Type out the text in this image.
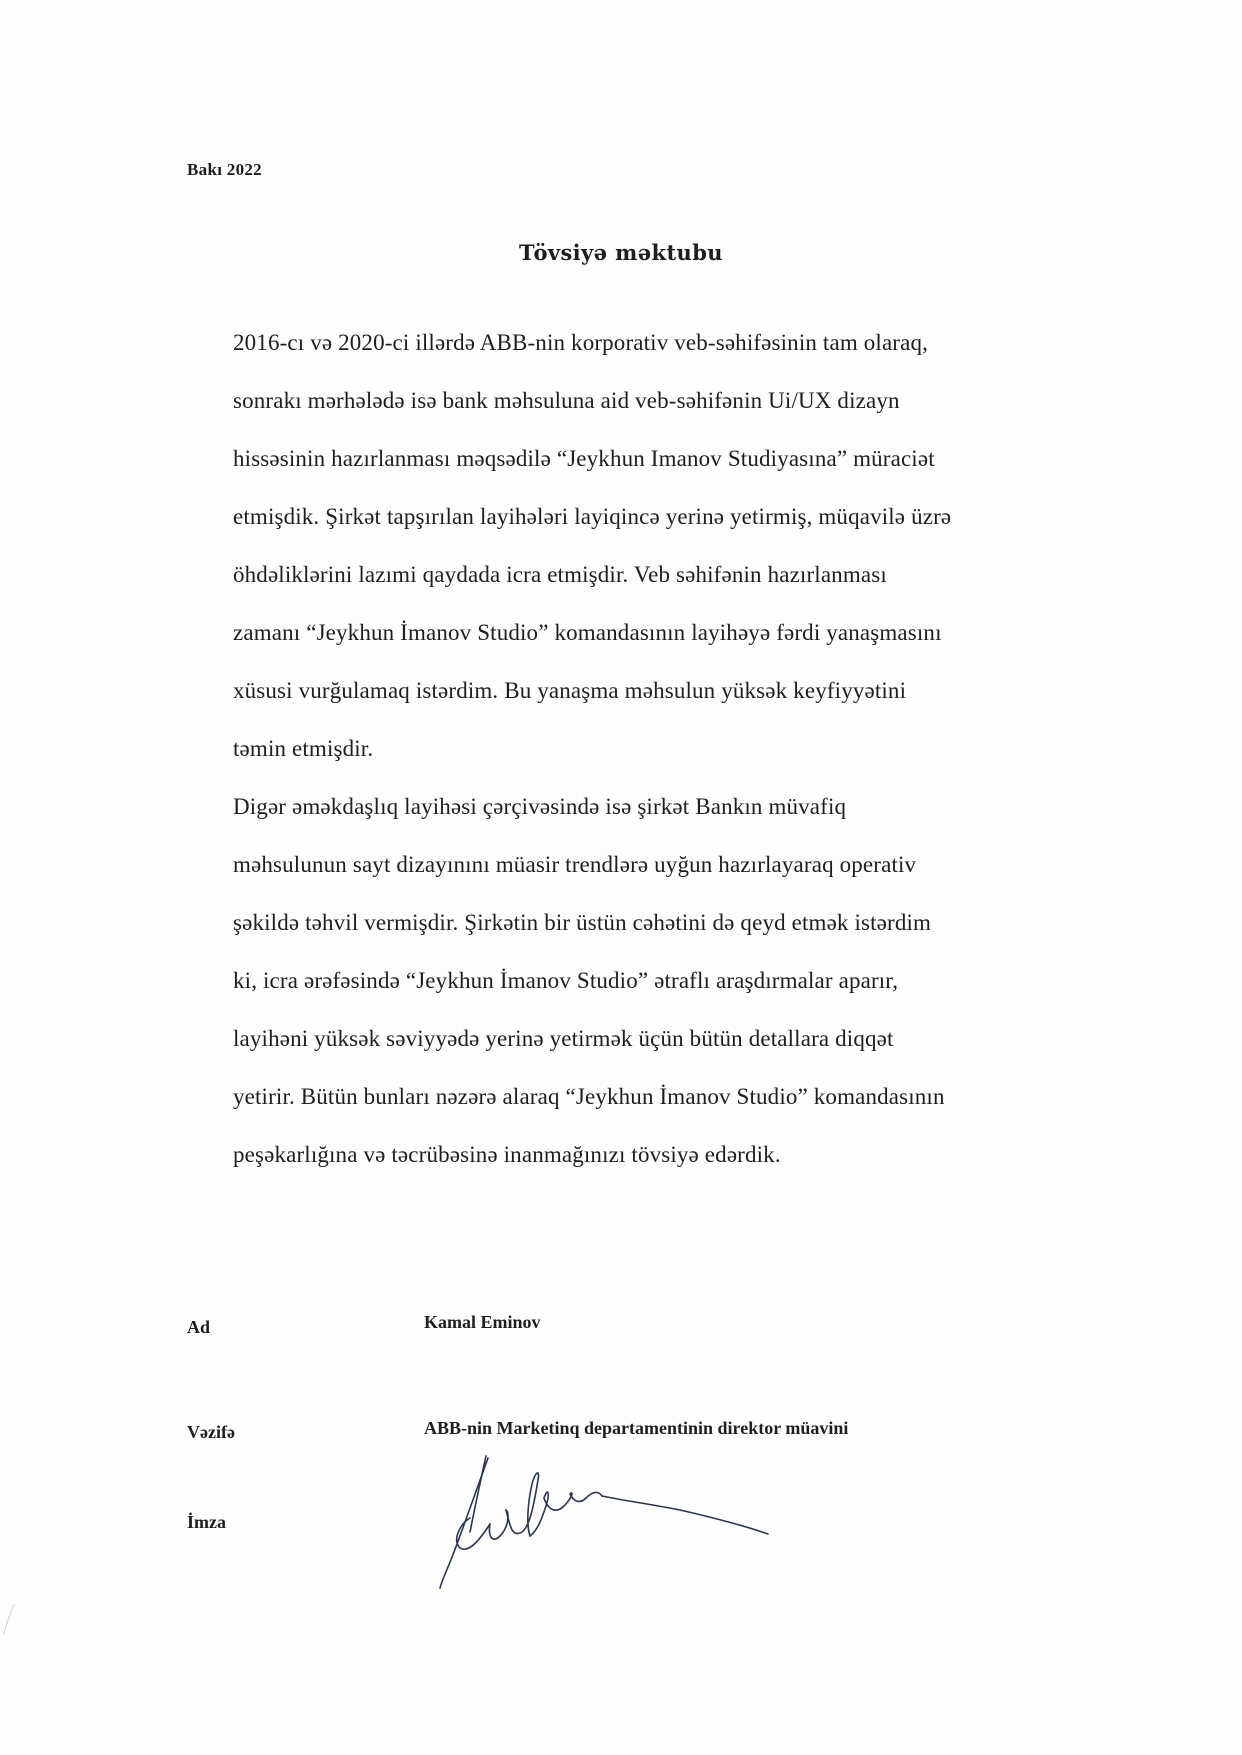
Bakı 2022
Tövsiyə məktubu
2016-cı və 2020-ci illərdə ABB-nin korporativ veb-səhifəsinin tam olaraq,
sonrakı mərhələdə isə bank məhsuluna aid veb-səhifənin Ui/UX dizayn
hissəsinin hazırlanması məqsədilə “Jeykhun Imanov Studiyasına” müraciət
etmişdik. Şirkət tapşırılan layihələri layiqincə yerinə yetirmiş, müqavilə üzrə
öhdəliklərini lazımi qaydada icra etmişdir. Veb səhifənin hazırlanması
zamanı “Jeykhun İmanov Studio” komandasının layihəyə fərdi yanaşmasını
xüsusi vurğulamaq istərdim. Bu yanaşma məhsulun yüksək keyfiyyətini
təmin etmişdir.
Digər əməkdaşlıq layihəsi çərçivəsində isə şirkət Bankın müvafiq
məhsulunun sayt dizayınını müasir trendlərə uyğun hazırlayaraq operativ
şəkildə təhvil vermişdir. Şirkətin bir üstün cəhətini də qeyd etmək istərdim
ki, icra ərəfəsində “Jeykhun İmanov Studio” ətraflı araşdırmalar aparır,
layihəni yüksək səviyyədə yerinə yetirmək üçün bütün detallara diqqət
yetirir. Bütün bunları nəzərə alaraq “Jeykhun İmanov Studio” komandasının
peşəkarlığına və təcrübəsinə inanmağınızı tövsiyə edərdik.
Ad	Kamal Eminov
Vəzifə	ABB-nin Marketinq departamentinin direktor müavini
İmza
